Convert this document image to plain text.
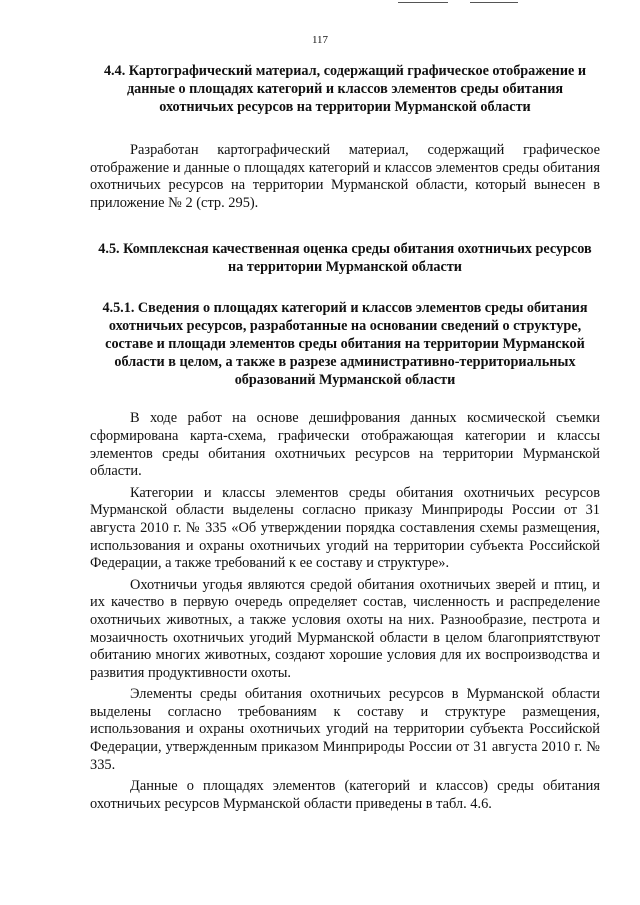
117
4.4. Картографический материал, содержащий графическое отображение и данные о площадях категорий и классов элементов среды обитания охотничьих ресурсов на территории Мурманской области

Разработан картографический материал, содержащий графическое отображение и данные о площадях категорий и классов элементов среды обитания охотничьих ресурсов на территории Мурманской области, который вынесен в приложение № 2 (стр. 295).

4.5. Комплексная качественная оценка среды обитания охотничьих ресурсов на территории Мурманской области
4.5.1. Сведения о площадях категорий и классов элементов среды обитания охотничьих ресурсов, разработанные на основании сведений о структуре, составе и площади элементов среды обитания на территории Мурманской области в целом, а также в разрезе административно-территориальных образований Мурманской области

В ходе работ на основе дешифрования данных космической съемки сформирована карта-схема, графически отображающая категории и классы элементов среды обитания охотничьих ресурсов на территории Мурманской области.

Категории и классы элементов среды обитания охотничьих ресурсов Мурманской области выделены согласно приказу Минприроды России от 31 августа 2010 г. № 335 «Об утверждении порядка составления схемы размещения, использования и охраны охотничьих угодий на территории субъекта Российской Федерации, а также требований к ее составу и структуре».

Охотничьи угодья являются средой обитания охотничьих зверей и птиц, и их качество в первую очередь определяет состав, численность и распределение охотничьих животных, а также условия охоты на них. Разнообразие, пестрота и мозаичность охотничьих угодий Мурманской области в целом благоприятствуют обитанию многих животных, создают хорошие условия для их воспроизводства и развития продуктивности охоты.

Элементы среды обитания охотничьих ресурсов в Мурманской области выделены согласно требованиям к составу и структуре размещения, использования и охраны охотничьих угодий на территории субъекта Российской Федерации, утвержденным приказом Минприроды России от 31 августа 2010 г. № 335.

Данные о площадях элементов (категорий и классов) среды обитания охотничьих ресурсов Мурманской области приведены в табл. 4.6.
